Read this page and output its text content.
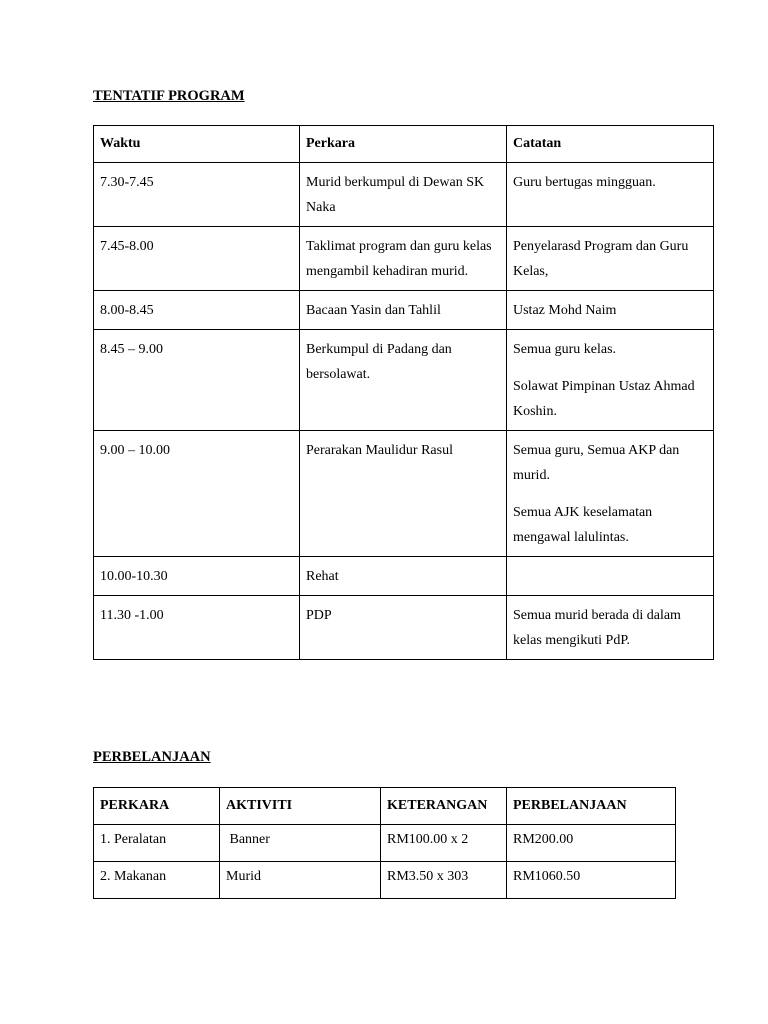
TENTATIF PROGRAM
Waktu	Perkara	Catatan
7.30-7.45	Murid berkumpul di Dewan SK Naka	Guru bertugas mingguan.

7.45-8.00	Taklimat program dan guru kelas mengambil kehadiran murid.	Penyelarasd Program dan Guru Kelas,

8.00-8.45	Bacaan Yasin dan Tahlil	Ustaz Mohd Naim

8.45 – 9.00	Berkumpul di Padang dan bersolawat.	Semua guru kelas.

Solawat Pimpinan Ustaz Ahmad Koshin.

9.00 – 10.00	Perarakan Maulidur Rasul	Semua guru, Semua AKP dan murid.

Semua AJK keselamatan mengawal lalulintas.

10.00-10.30	Rehat	

11.30 -1.00	PDP	Semua murid berada di dalam kelas mengikuti PdP.

PERBELANJAAN
PERKARA	AKTIVITI	KETERANGAN	PERBELANJAAN
1. Peralatan	Banner	RM100.00 x 2	RM200.00
2. Makanan	Murid	RM3.50 x 303	RM1060.50
